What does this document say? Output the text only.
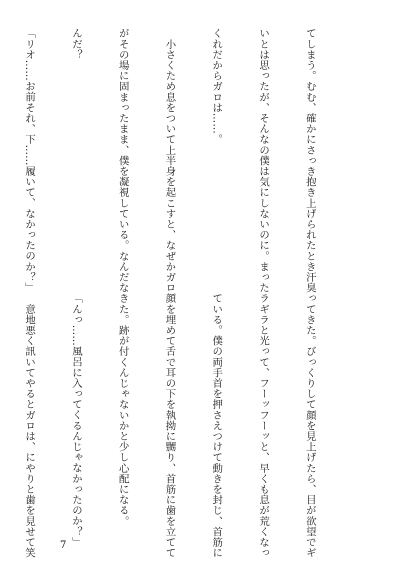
てしまう。むむ、確かにさっき抱き上げられたとき汗臭

いとは思ったが、そんなの僕は気にしないのに。まった

くれだからガロは……。

　小さくため息をついて上半身を起こすと、なぜかガロ

がその場に固まったまま、僕を凝視している。なんだな

んだ？

「リオ……お前それ、下……履いて、なかったのか？」

ってきた。びっくりして顔を見上げたら、目が欲望でギ

ラギラと光って、フーッフーッと、早くも息が荒くなっ

ている。僕の両手首を押さえつけて動きを封じ、首筋に

顔を埋めて舌で耳の下を執拗に嬲り、首筋に歯を立てて

きた。跡が付くんじゃないかと少し心配になる。

「んっ……風呂に入ってくるんじゃなかったのか？」

　意地悪く訊いてやるとガロは、にやりと歯を見せて笑

7
